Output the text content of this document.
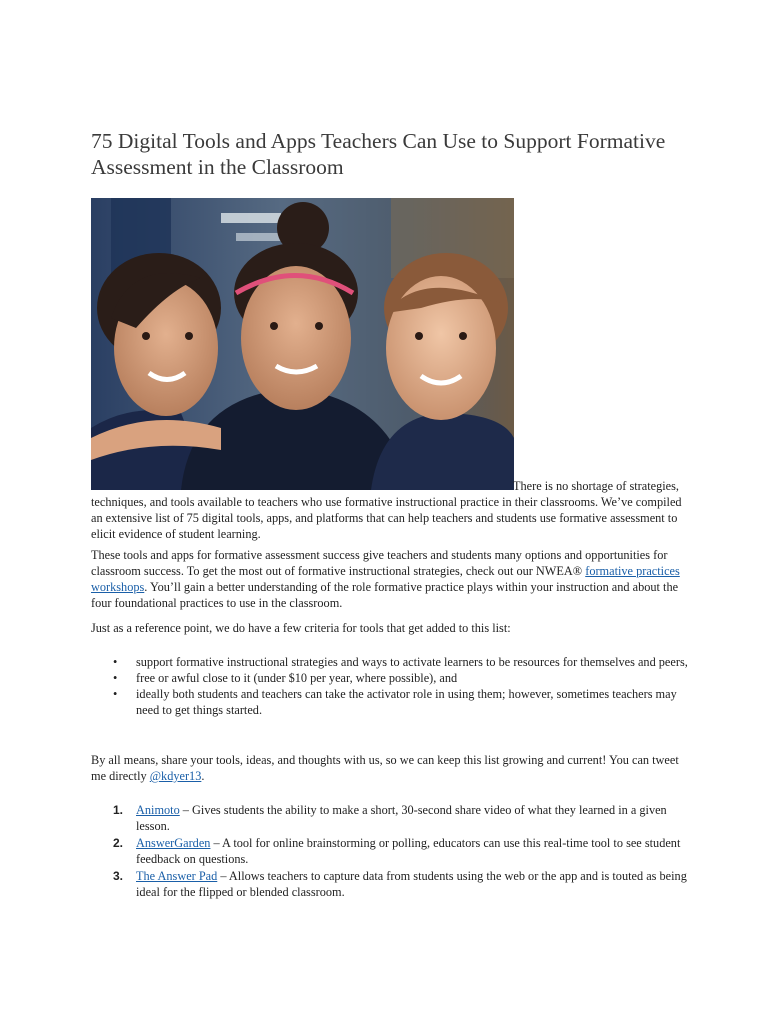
75 Digital Tools and Apps Teachers Can Use to Support Formative Assessment in the Classroom

There is no shortage of strategies, techniques, and tools available to teachers who use formative instructional practice in their classrooms. We’ve compiled an extensive list of 75 digital tools, apps, and platforms that can help teachers and students use formative assessment to elicit evidence of student learning.

These tools and apps for formative assessment success give teachers and students many options and opportunities for classroom success. To get the most out of formative instructional strategies, check out our NWEA® formative practices workshops. You’ll gain a better understanding of the role formative practice plays within your instruction and about the four foundational practices to use in the classroom.

Just as a reference point, we do have a few criteria for tools that get added to this list:

• support formative instructional strategies and ways to activate learners to be resources for themselves and peers,
• free or awful close to it (under $10 per year, where possible), and
• ideally both students and teachers can take the activator role in using them; however, sometimes teachers may need to get things started.

By all means, share your tools, ideas, and thoughts with us, so we can keep this list growing and current! You can tweet me directly @kdyer13.

1. Animoto – Gives students the ability to make a short, 30-second share video of what they learned in a given lesson.
2. AnswerGarden – A tool for online brainstorming or polling, educators can use this real-time tool to see student feedback on questions.
3. The Answer Pad – Allows teachers to capture data from students using the web or the app and is touted as being ideal for the flipped or blended classroom.
